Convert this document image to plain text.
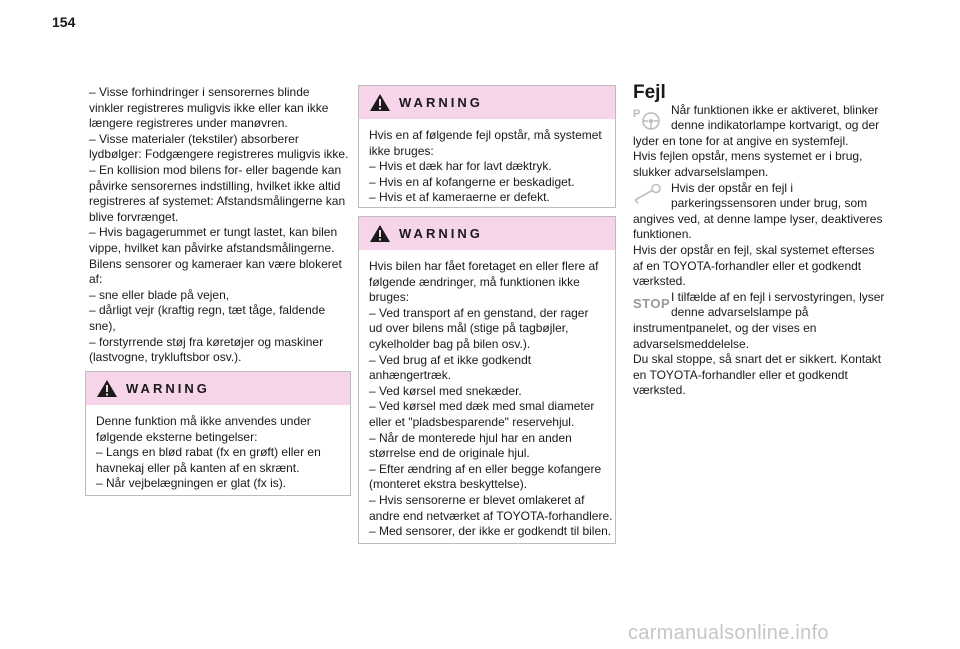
154
– Visse forhindringer i sensorernes blinde
vinkler registreres muligvis ikke eller kan ikke
længere registreres under manøvren.
– Visse materialer (tekstiler) absorberer
lydbølger: Fodgængere registreres muligvis ikke.
– En kollision mod bilens for- eller bagende kan
påvirke sensorernes indstilling, hvilket ikke altid
registreres af systemet: Afstandsmålingerne kan
blive forvrænget.
– Hvis bagagerummet er tungt lastet, kan bilen
vippe, hvilket kan påvirke afstandsmålingerne.
Bilens sensorer og kameraer kan være blokeret
af:
– sne eller blade på vejen,
– dårligt vejr (kraftig regn, tæt tåge, faldende
sne),
– forstyrrende støj fra køretøjer og maskiner
(lastvogne, trykluftsbor osv.).
WARNING
Denne funktion må ikke anvendes under
følgende eksterne betingelser:
– Langs en blød rabat (fx en grøft) eller en
havnekaj eller på kanten af en skrænt.
– Når vejbelægningen er glat (fx is).
WARNING
Hvis en af følgende fejl opstår, må systemet
ikke bruges:
– Hvis et dæk har for lavt dæktryk.
– Hvis en af kofangerne er beskadiget.
– Hvis et af kameraerne er defekt.
WARNING
Hvis bilen har fået foretaget en eller flere af
følgende ændringer, må funktionen ikke
bruges:
– Ved transport af en genstand, der rager
ud over bilens mål (stige på tagbøjler,
cykelholder bag på bilen osv.).
– Ved brug af et ikke godkendt
anhængertræk.
– Ved kørsel med snekæder.
– Ved kørsel med dæk med smal diameter
eller et "pladsbesparende" reservehjul.
– Når de monterede hjul har en anden
størrelse end de originale hjul.
– Efter ændring af en eller begge kofangere
(monteret ekstra beskyttelse).
– Hvis sensorerne er blevet omlakeret af
andre end netværket af TOYOTA-forhandlere.
– Med sensorer, der ikke er godkendt til bilen.
Fejl
P	Når funktionen ikke er aktiveret, blinker
denne indikatorlampe kortvarigt, og der
lyder en tone for at angive en systemfejl.
Hvis fejlen opstår, mens systemet er i brug,
slukker advarselslampen.
Hvis der opstår en fejl i
parkeringssensoren under brug, som
angives ved, at denne lampe lyser, deaktiveres
funktionen.
Hvis der opstår en fejl, skal systemet efterses
af en TOYOTA-forhandler eller et godkendt
værksted.
STOP I tilfælde af en fejl i servostyringen, lyser
denne advarselslampe på
instrumentpanelet, og der vises en
advarselsmeddelelse.
Du skal stoppe, så snart det er sikkert. Kontakt
en TOYOTA-forhandler eller et godkendt
værksted.
carmanualsonline.info
